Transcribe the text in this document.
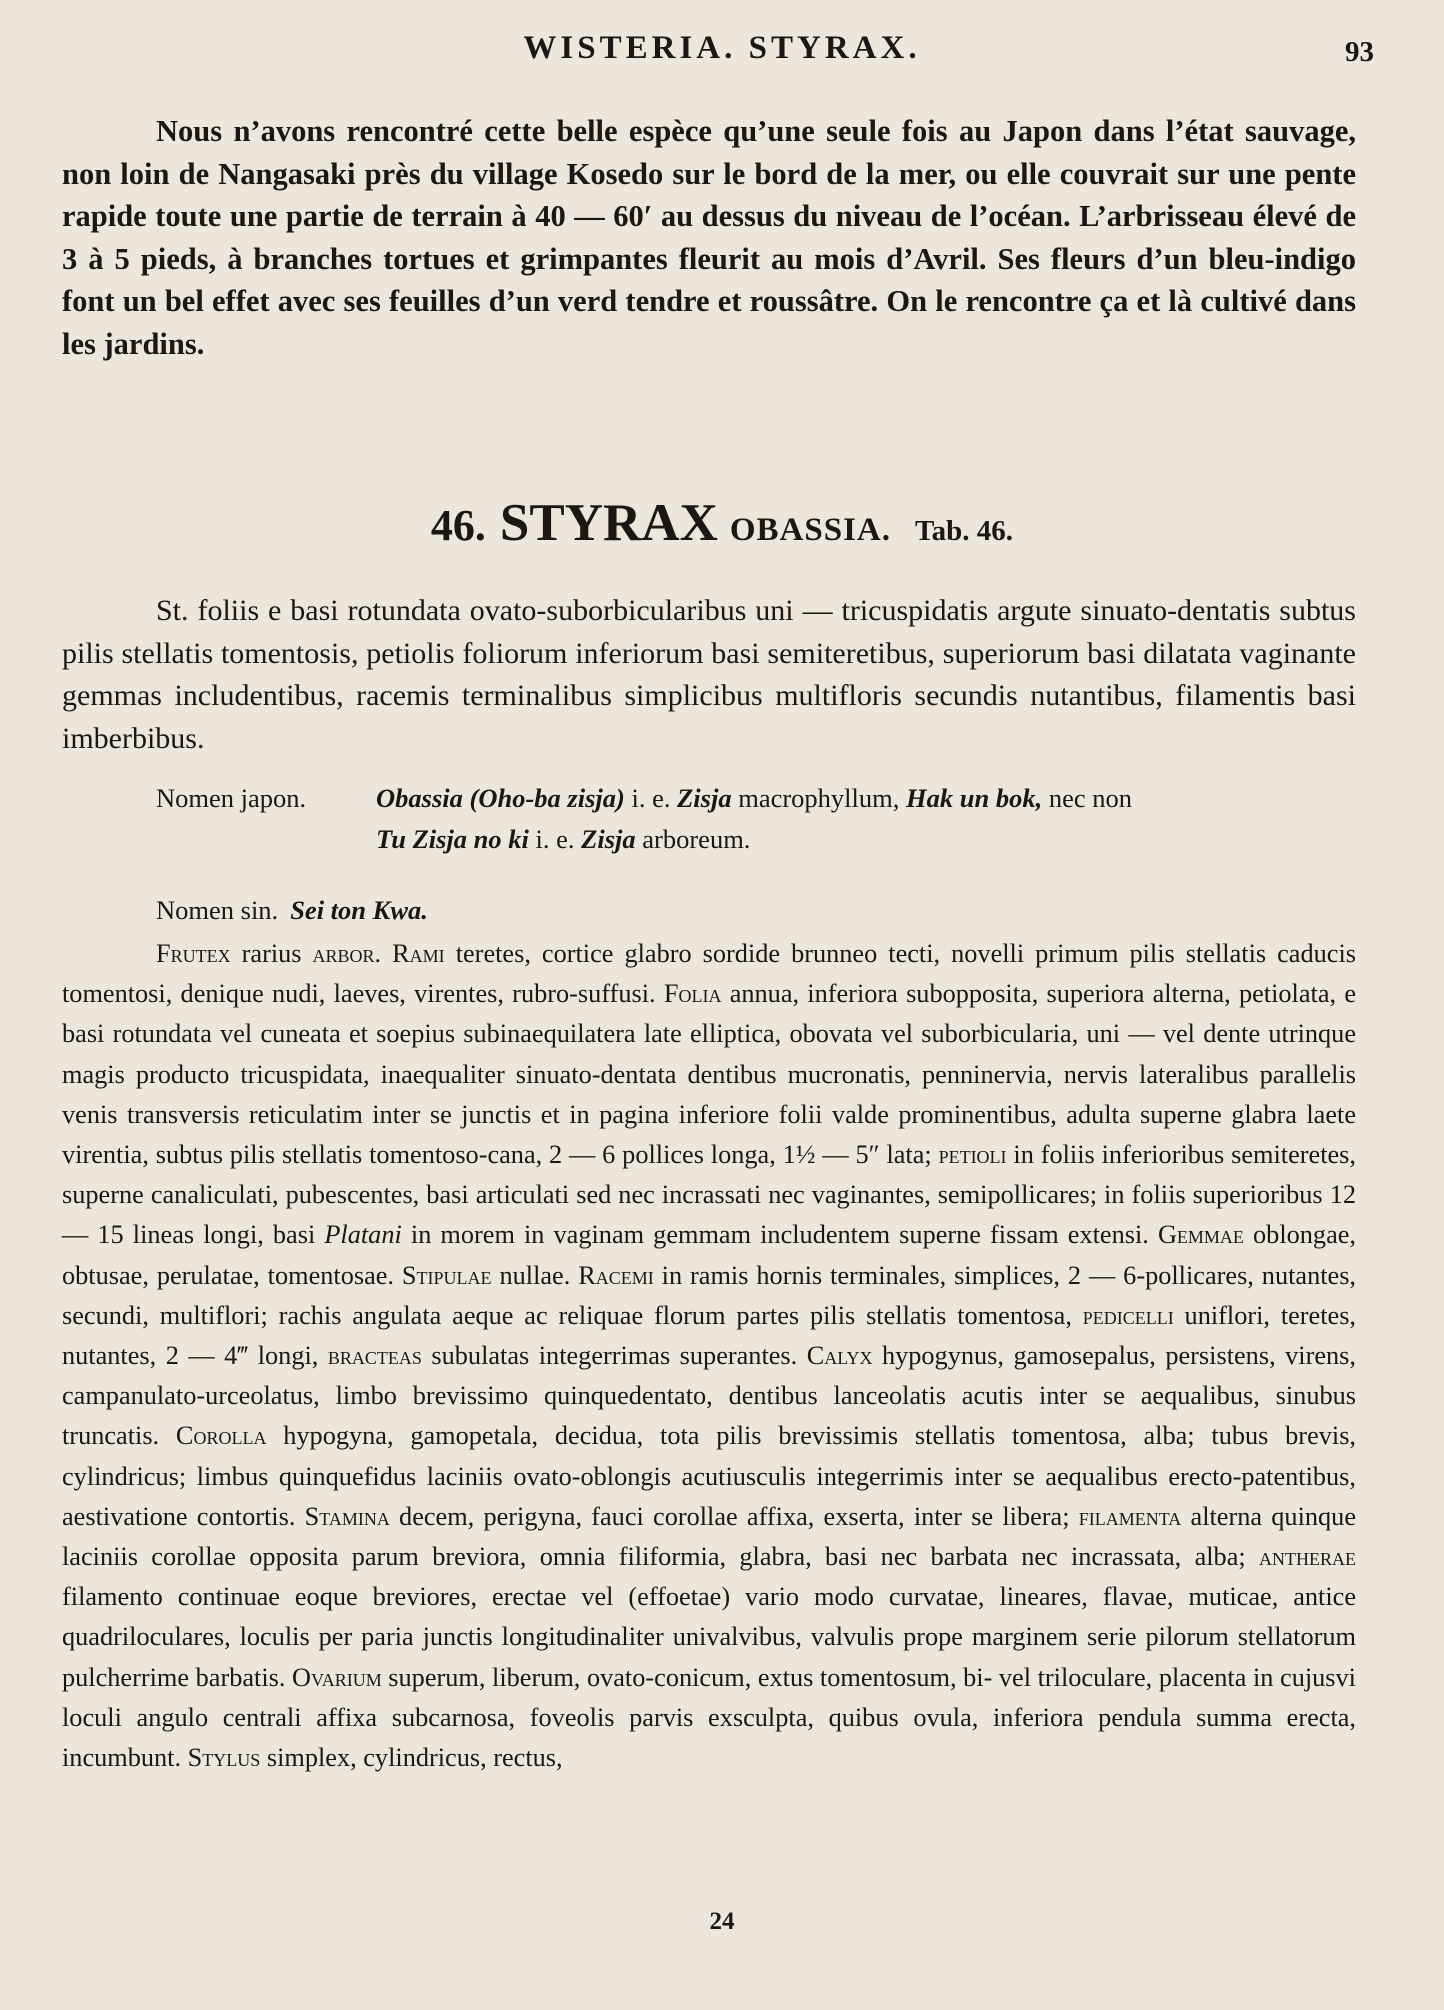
WISTERIA. STYRAX.	93

Nous n’avons rencontré cette belle espèce qu’une seule fois au Japon dans l’état sauvage, non loin de Nangasaki près du village Kosedo sur le bord de la mer, ou elle couvrait sur une pente rapide toute une partie de terrain à 40 — 60′ au dessus du niveau de l’océan. L’arbrisseau élevé de 3 à 5 pieds, à branches tortues et grimpantes fleurit au mois d’Avril. Ses fleurs d’un bleu-indigo font un bel effet avec ses feuilles d’un verd tendre et roussâtre. On le rencontre ça et là cultivé dans les jardins.

46. STYRAX OBASSIA. Tab. 46.

St. foliis e basi rotundata ovato-suborbicularibus uni — tricuspidatis argute sinuato-dentatis subtus pilis stellatis tomentosis, petiolis foliorum inferiorum basi semiteretibus, superiorum basi dilatata vaginante gemmas includentibus, racemis terminalibus simplicibus multifloris secundis nutantibus, filamentis basi imberbibus.

Nomen japon.	Obassia (Oho-ba zisja) i. e. Zisja macrophyllum, Hak un bok, nec non
Tu Zisja no ki i. e. Zisja arboreum.
Nomen sin. Sei ton Kwa.

Frutex rarius arbor. Rami teretes, cortice glabro sordide brunneo tecti, novelli primum pilis stellatis caducis tomentosi, denique nudi, laeves, virentes, rubro-suffusi. Folia annua, inferiora subopposita, superiora alterna, petiolata, e basi rotundata vel cuneata et soepius subinaequilatera late elliptica, obovata vel suborbicularia, uni — vel dente utrinque magis producto tricuspidata, inaequaliter sinuato-dentata dentibus mucronatis, penninervia, nervis lateralibus parallelis venis transversis reticulatim inter se junctis et in pagina inferiore folii valde prominentibus, adulta superne glabra laete virentia, subtus pilis stellatis tomentoso-cana, 2 — 6 pollices longa, 1½ — 5″ lata; petioli in foliis inferioribus semiteretes, superne canaliculati, pubescentes, basi articulati sed nec incrassati nec vaginantes, semipollicares; in foliis superioribus 12 — 15 lineas longi, basi Platani in morem in vaginam gemmam includentem superne fissam extensi. Gemmae oblongae, obtusae, perulatae, tomentosae. Stipulae nullae. Racemi in ramis hornis terminales, simplices, 2 — 6-pollicares, nutantes, secundi, multiflori; rachis angulata aeque ac reliquae florum partes pilis stellatis tomentosa, pedicelli uniflori, teretes, nutantes, 2 — 4‴ longi, bracteas subulatas integerrimas superantes. Calyx hypogynus, gamosepalus, persistens, virens, campanulato-urceolatus, limbo brevissimo quinquedentato, dentibus lanceolatis acutis inter se aequalibus, sinubus truncatis. Corolla hypogyna, gamopetala, decidua, tota pilis brevissimis stellatis tomentosa, alba; tubus brevis, cylindricus; limbus quinquefidus laciniis ovato-oblongis acutiusculis integerrimis inter se aequalibus erecto-patentibus, aestivatione contortis. Stamina decem, perigyna, fauci corollae affixa, exserta, inter se libera; filamenta alterna quinque laciniis corollae opposita parum breviora, omnia filiformia, glabra, basi nec barbata nec incrassata, alba; antherae filamento continuae eoque breviores, erectae vel (effoetae) vario modo curvatae, lineares, flavae, muticae, antice quadriloculares, loculis per paria junctis longitudinaliter univalvibus, valvulis prope marginem serie pilorum stellatorum pulcherrime barbatis. Ovarium superum, liberum, ovato-conicum, extus tomentosum, bi- vel triloculare, placenta in cujusvi loculi angulo centrali affixa subcarnosa, foveolis parvis exsculpta, quibus ovula, inferiora pendula summa erecta, incumbunt. Stylus simplex, cylindricus, rectus,

24
